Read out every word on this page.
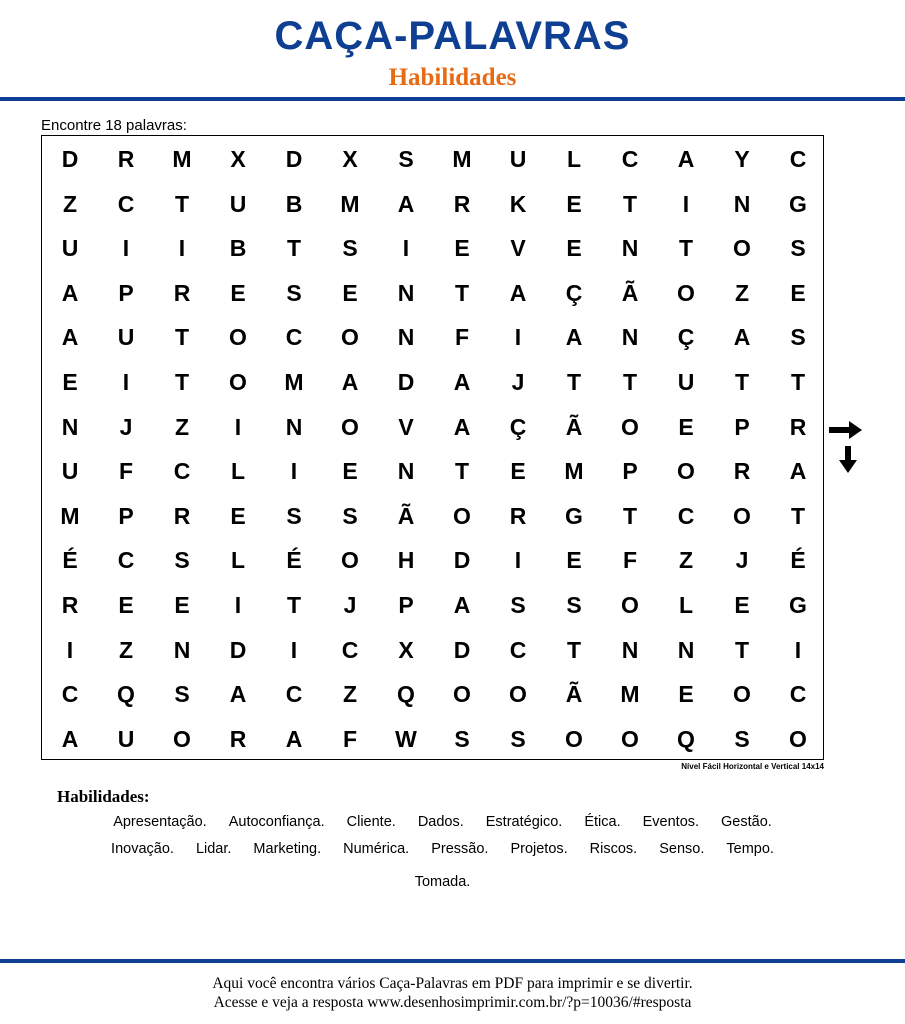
CAÇA-PALAVRAS
Habilidades
Encontre 18 palavras:
D	R	M	X	D	X	S	M	U	L	C	A	Y	C
Z	C	T	U	B	M	A	R	K	E	T	I	N	G
U	I	I	B	T	S	I	E	V	E	N	T	O	S
A	P	R	E	S	E	N	T	A	Ç	Ã	O	Z	E
A	U	T	O	C	O	N	F	I	A	N	Ç	A	S
E	I	T	O	M	A	D	A	J	T	T	U	T	T
N	J	Z	I	N	O	V	A	Ç	Ã	O	E	P	R
U	F	C	L	I	E	N	T	E	M	P	O	R	A
M	P	R	E	S	S	Ã	O	R	G	T	C	O	T
É	C	S	L	É	O	H	D	I	E	F	Z	J	É
R	E	E	I	T	J	P	A	S	S	O	L	E	G
I	Z	N	D	I	C	X	D	C	T	N	N	T	I
C	Q	S	A	C	Z	Q	O	O	Ã	M	E	O	C
A	U	O	R	A	F	W	S	S	O	O	Q	S	O
Nível Fácil Horizontal e Vertical 14x14
Habilidades:
Apresentação. Autoconfiança. Cliente. Dados. Estratégico. Ética. Eventos. Gestão.
Inovação. Lidar. Marketing. Numérica. Pressão. Projetos. Riscos. Senso. Tempo.
Tomada.
Aqui você encontra vários Caça-Palavras em PDF para imprimir e se divertir.
Acesse e veja a resposta www.desenhosimprimir.com.br/?p=10036/#resposta
